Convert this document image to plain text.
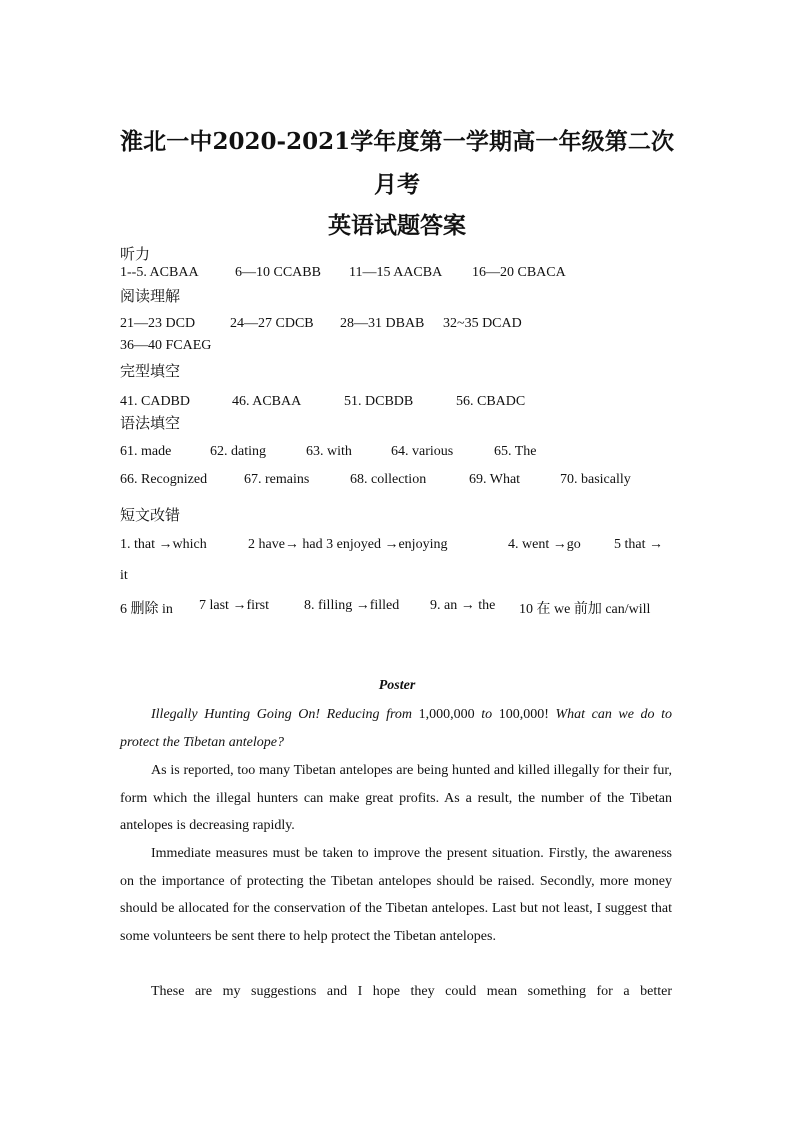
淮北一中2020-2021学年度第一学期高一年级第二次
月考
英语试题答案
听力
1--5. ACBAA	6—10 CCABB 11—15 AACBA 16—20 CBACA
阅读理解
21—23 DCD 24—27 CDCB 28—31 DBAB 32~35 DCAD
36—40 FCAEG
完型填空
41. CADBD	46. ACBAA	51. DCBDB	56. CBADC
语法填空
61. made	62. dating	63. with	64. various	65. The
66. Recognized	67. remains	68. collection	69. What	70. basically
短文改错
1. that →which	2 have→ had 3 enjoyed →enjoying	4. went →go 5 that →
it
6 删除 in 7 last →first	8. filling →filled 9. an → the 10 在 we 前加 can/will
Poster
Illegally Hunting Going On! Reducing from 1,000,000 to 100,000! What can we do to protect the Tibetan antelope?
As is reported, too many Tibetan antelopes are being hunted and killed illegally for their fur, form which the illegal hunters can make great profits. As a result, the number of the Tibetan antelopes is decreasing rapidly.
Immediate measures must be taken to improve the present situation. Firstly, the awareness on the importance of protecting the Tibetan antelopes should be raised. Secondly, more money should be allocated for the conservation of the Tibetan antelopes. Last but not least, I suggest that some volunteers be sent there to help protect the Tibetan antelopes.
These are my suggestions and I hope they could mean something for a better
